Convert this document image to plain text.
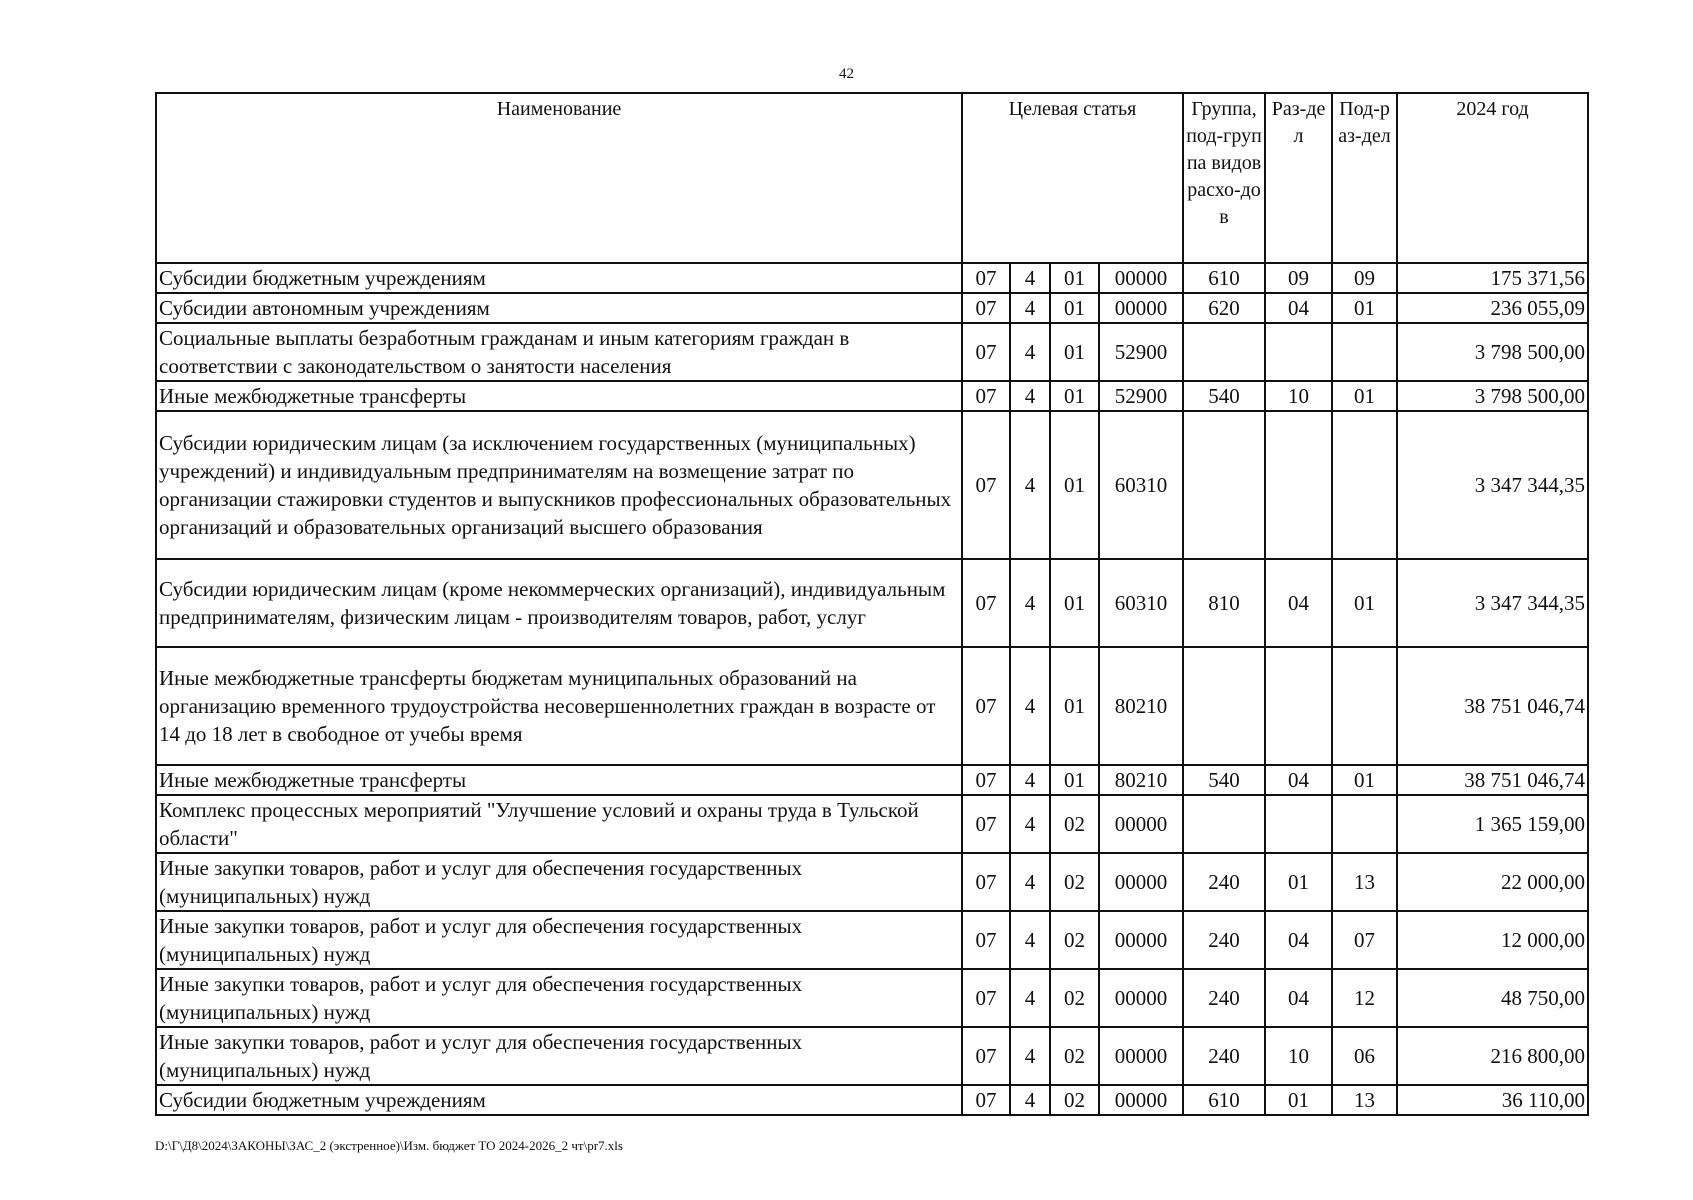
42
Наименование	Целевая статья				Группа, под-группа видов расхо-дов	Раз-дел	Под-раз-дел	2024 год
Субсидии бюджетным учреждениям	07	4	01	00000	610	09	09	175 371,56
Субсидии автономным учреждениям	07	4	01	00000	620	04	01	236 055,09
Социальные выплаты безработным гражданам и иным категориям граждан в соответствии с законодательством о занятости населения	07	4	01	52900				3 798 500,00
Иные межбюджетные трансферты	07	4	01	52900	540	10	01	3 798 500,00
Субсидии юридическим лицам (за исключением государственных (муниципальных) учреждений) и индивидуальным предпринимателям на возмещение затрат по организации стажировки студентов и выпускников профессиональных образовательных организаций и образовательных организаций высшего образования	07	4	01	60310				3 347 344,35
Субсидии юридическим лицам (кроме некоммерческих организаций), индивидуальным предпринимателям, физическим лицам - производителям товаров, работ, услуг	07	4	01	60310	810	04	01	3 347 344,35
Иные межбюджетные трансферты бюджетам муниципальных образований на организацию временного трудоустройства несовершеннолетних граждан в возрасте от 14 до 18 лет в свободное от учебы время	07	4	01	80210				38 751 046,74
Иные межбюджетные трансферты	07	4	01	80210	540	04	01	38 751 046,74
Комплекс процессных мероприятий "Улучшение условий и охраны труда в Тульской области"	07	4	02	00000				1 365 159,00
Иные закупки товаров, работ и услуг для обеспечения государственных (муниципальных) нужд	07	4	02	00000	240	01	13	22 000,00
Иные закупки товаров, работ и услуг для обеспечения государственных (муниципальных) нужд	07	4	02	00000	240	04	07	12 000,00
Иные закупки товаров, работ и услуг для обеспечения государственных (муниципальных) нужд	07	4	02	00000	240	04	12	48 750,00
Иные закупки товаров, работ и услуг для обеспечения государственных (муниципальных) нужд	07	4	02	00000	240	10	06	216 800,00
Субсидии бюджетным учреждениям	07	4	02	00000	610	01	13	36 110,00
D:\Г\Д8\2024\ЗАКОНЫ\ЗАС_2 (экстренное)\Изм. бюджет ТО 2024-2026_2 чт\pr7.xls
